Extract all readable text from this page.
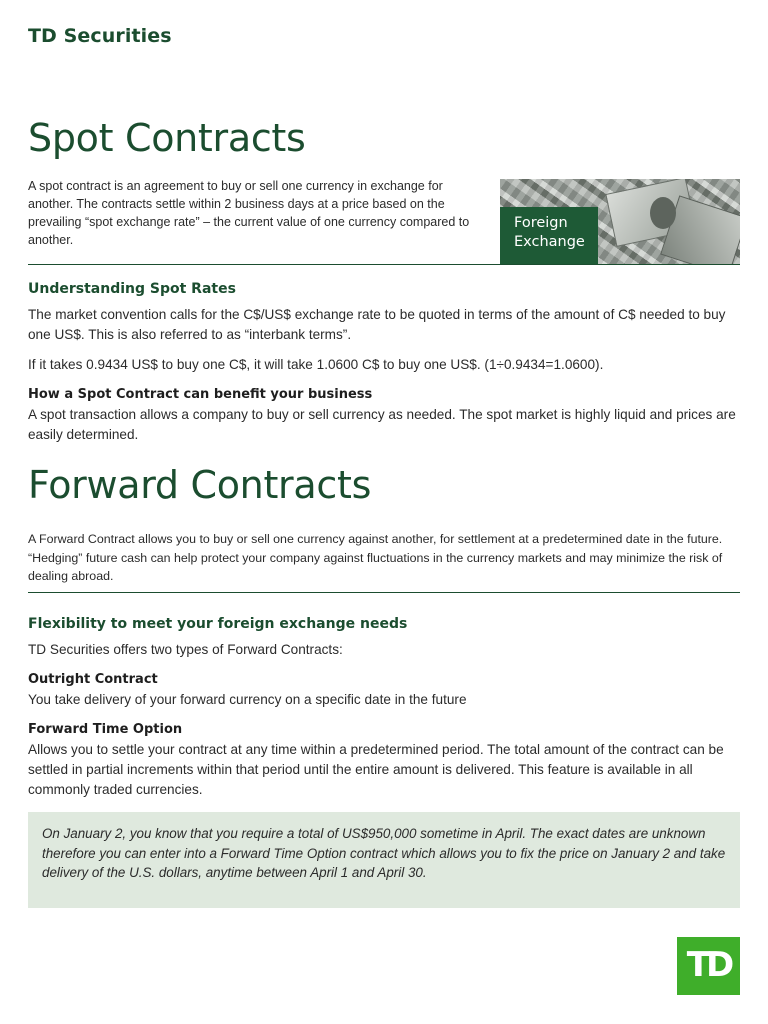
TD Securities
Spot Contracts
A spot contract is an agreement to buy or sell one currency in exchange for another. The contracts settle within 2 business days at a price based on the prevailing “spot exchange rate” – the current value of one currency compared to another.
Foreign
Exchange
Understanding Spot Rates
The market convention calls for the C$/US$ exchange rate to be quoted in terms of the amount of C$ needed to buy one US$. This is also referred to as “interbank terms”.
If it takes 0.9434 US$ to buy one C$, it will take 1.0600 C$ to buy one US$. (1÷0.9434=1.0600).
How a Spot Contract can benefit your business
A spot transaction allows a company to buy or sell currency as needed. The spot market is highly liquid and prices are easily determined.
Forward Contracts
A Forward Contract allows you to buy or sell one currency against another, for settlement at a predetermined date in the future. “Hedging” future cash can help protect your company against fluctuations in the currency markets and may minimize the risk of dealing abroad.
Flexibility to meet your foreign exchange needs
TD Securities offers two types of Forward Contracts:
Outright Contract
You take delivery of your forward currency on a specific date in the future
Forward Time Option
Allows you to settle your contract at any time within a predetermined period. The total amount of the contract can be settled in partial increments within that period until the entire amount is delivered. This feature is available in all commonly traded currencies.

On January 2, you know that you require a total of US$950,000 sometime in April. The exact dates are unknown therefore you can enter into a Forward Time Option contract which allows you to fix the price on January 2 and take delivery of the U.S. dollars, anytime between April 1 and April 30.

TD
